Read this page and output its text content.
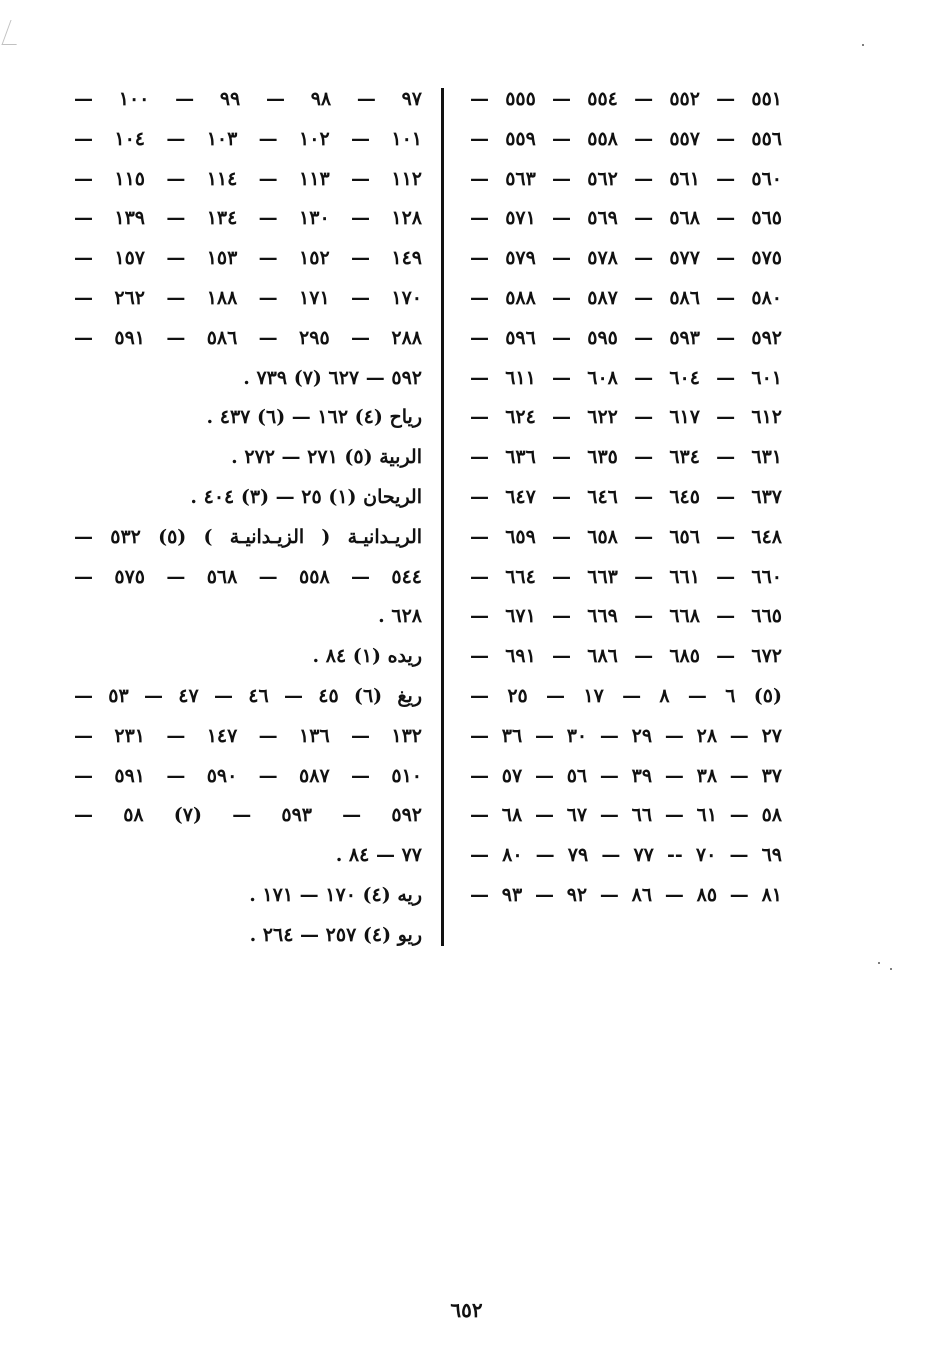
٥٥١ — ٥٥٢ — ٥٥٤ — ٥٥٥ —
٥٥٦ — ٥٥٧ — ٥٥٨ — ٥٥٩ —
٥٦٠ — ٥٦١ — ٥٦٢ — ٥٦٣ —
٥٦٥ — ٥٦٨ — ٥٦٩ — ٥٧١ —
٥٧٥ — ٥٧٧ — ٥٧٨ — ٥٧٩ —
٥٨٠ — ٥٨٦ — ٥٨٧ — ٥٨٨ —
٥٩٢ — ٥٩٣ — ٥٩٥ — ٥٩٦ —
٦٠١ — ٦٠٤ — ٦٠٨ — ٦١١ —
٦١٢ — ٦١٧ — ٦٢٢ — ٦٢٤ —
٦٣١ — ٦٣٤ — ٦٣٥ — ٦٣٦ —
٦٣٧ — ٦٤٥ — ٦٤٦ — ٦٤٧ —
٦٤٨ — ٦٥٦ — ٦٥٨ — ٦٥٩ —
٦٦٠ — ٦٦١ — ٦٦٣ — ٦٦٤ —
٦٦٥ — ٦٦٨ — ٦٦٩ — ٦٧١ —
٦٧٢ — ٦٨٥ — ٦٨٦ — ٦٩١ —
(٥) ٦ — ٨ — ١٧ — ٢٥ —
٢٧ — ٢٨ — ٢٩ — ٣٠ — ٣٦ —
٣٧ — ٣٨ — ٣٩ — ٥٦ — ٥٧ —
٥٨ — ٦١ — ٦٦ — ٦٧ — ٦٨ —
٦٩ — ٧٠ -- ٧٧ — ٧٩ — ٨٠ —
٨١ — ٨٥ — ٨٦ — ٩٢ — ٩٣ —
٩٧ — ٩٨ — ٩٩ — ١٠٠ —
١٠١ — ١٠٢ — ١٠٣ — ١٠٤ —
١١٢ — ١١٣ — ١١٤ — ١١٥ —
١٢٨ — ١٣٠ — ١٣٤ — ١٣٩ —
١٤٩ — ١٥٢ — ١٥٣ — ١٥٧ —
١٧٠ — ١٧١ — ١٨٨ — ٢٦٢ —
٢٨٨ — ٢٩٥ — ٥٨٦ — ٥٩١ —
٥٩٢ — ٦٢٧ (٧) ٧٣٩ .
رياح (٤) ١٦٢ — (٦) ٤٣٧ .
الربية (٥) ٢٧١ — ٢٧٢ .
الريحان (١) ٢٥ — (٣) ٤٠٤ .
الريـدانيـة ( الزيـدانيـة ) (٥) ٥٣٢ —
٥٤٤ — ٥٥٨ — ٥٦٨ — ٥٧٥ —
٦٢٨ .
ريده (١) ٨٤ .
ريغ (٦) ٤٥ — ٤٦ — ٤٧ — ٥٣ —
١٣٢ — ١٣٦ — ١٤٧ — ٢٣١ —
٥١٠ — ٥٨٧ — ٥٩٠ — ٥٩١ —
٥٩٢ — ٥٩٣ — (٧) ٥٨ —
٧٧ — ٨٤ .
ريه (٤) ١٧٠ — ١٧١ .
ريو (٤) ٢٥٧ — ٢٦٤ .
٦٥٢
